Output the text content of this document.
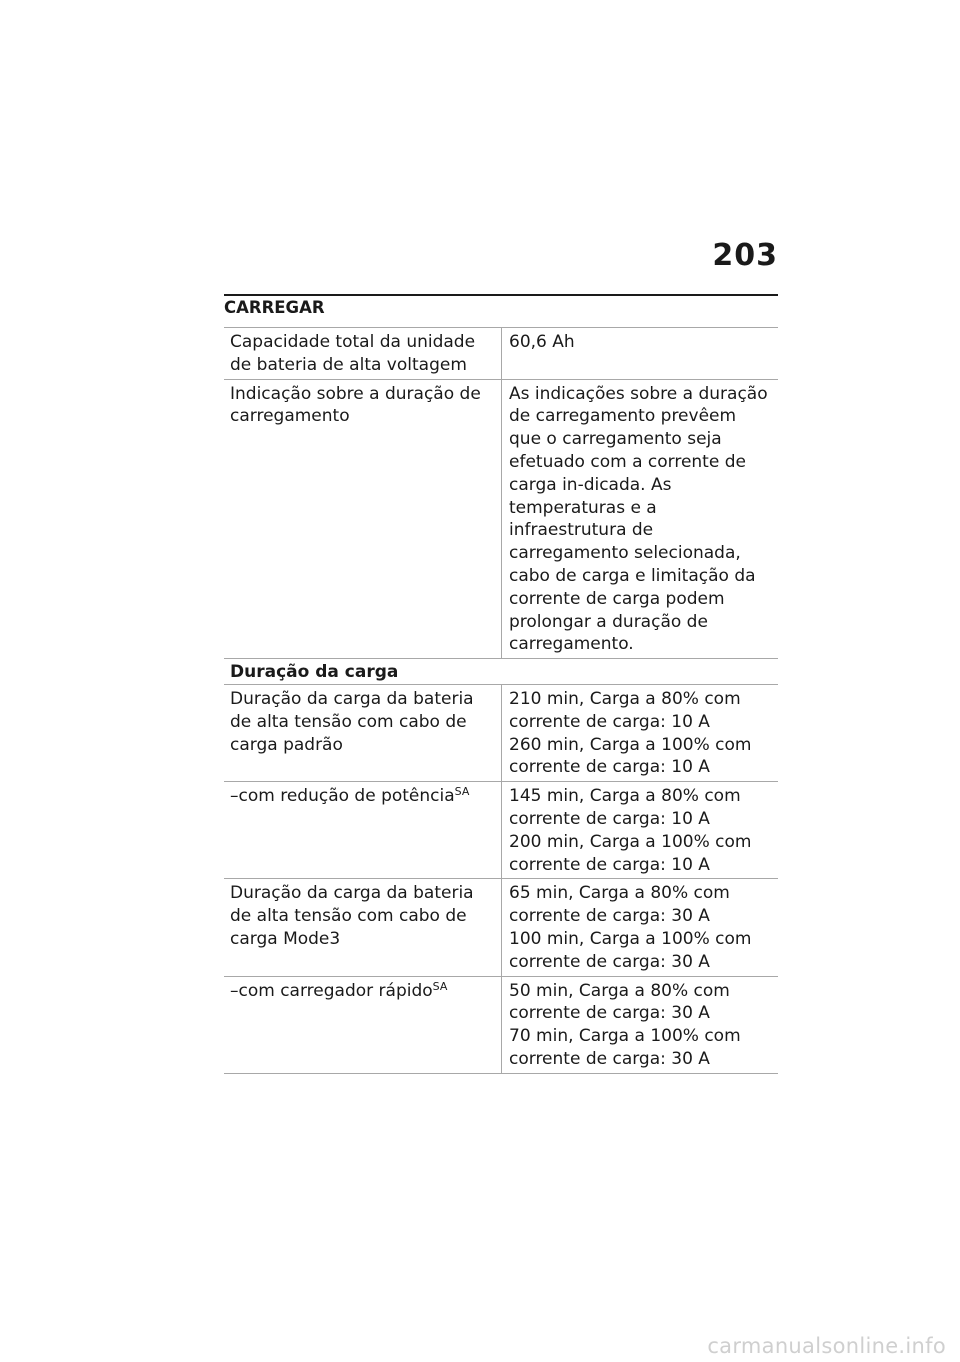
203
CARREGAR
Capacidade total da unidade de bateria de alta voltagem	60,6 Ah
Indicação sobre a duração de carregamento	As indicações sobre a duração de carregamento prevêem que o carregamento seja efetuado com a corrente de carga in-dicada. As temperaturas e a infraestrutura de carregamento selecionada, cabo de carga e limitação da corrente de carga podem prolongar a duração de carregamento.
Duração da carga	
Duração da carga da bateria de alta tensão com cabo de carga padrão	210 min, Carga a 80% com corrente de carga: 10 A
260 min, Carga a 100% com corrente de carga: 10 A

–com redução de potência$^{SA}$	145 min, Carga a 80% com corrente de carga: 10 A
200 min, Carga a 100% com corrente de carga: 10 A

Duração da carga da bateria de alta tensão com cabo de carga Mode3	65 min, Carga a 80% com corrente de carga: 30 A
100 min, Carga a 100% com corrente de carga: 30 A

–com carregador rápido$^{SA}$	50 min, Carga a 80% com corrente de carga: 30 A
70 min, Carga a 100% com corrente de carga: 30 A
carmanualsonline.info
